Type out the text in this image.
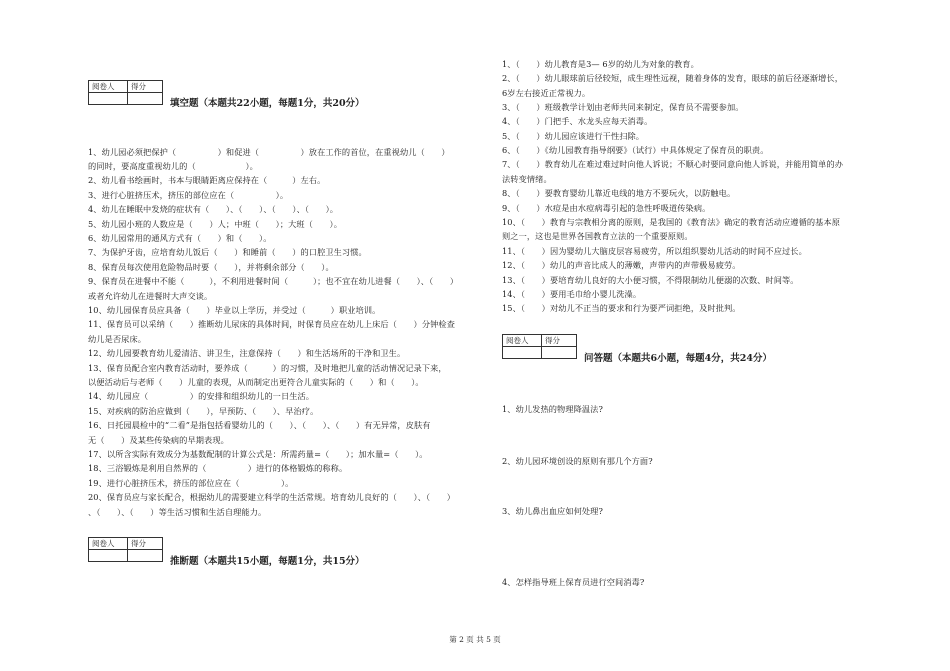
阅卷人	得分

填空题（本题共22小题，每题1分，共20分）
1、幼儿园必须把保护（　　　　　）和促进（　　　　　）放在工作的首位，在重视幼儿（　　）
的同时，要高度重视幼儿的（　　　　　　）。
2、幼儿看书绘画时，书本与眼睛距离应保持在（　　　）左右。
3、进行心脏挤压术，挤压的部位应在（　　　　　）。
4、幼儿在睡眠中发烧的症状有（　　）、（　　）、（　　）、（　　）。
5、幼儿园小班的人数应是（　　）人；中班（　　）；大班（　　）。
6、幼儿园常用的通风方式有（　　）和（　　）。
7、为保护牙齿，应培育幼儿饭后（　　）和睡前（　　）的口腔卫生习惯。
8、保育员每次使用危险物品时要（　　），并将剩余部分（　　）。
9、保育员在进餐中不能（　　　），不利用进餐时间（　　　）；也不宜在幼儿进餐（　　）、（　　）
或者允许幼儿在进餐时大声交谈。
10、幼儿园保育员应具备（　　）毕业以上学历，并受过（　　　）职业培训。
11、保育员可以采纳（　　）推断幼儿尿床的具体时间，时保育员应在幼儿上床后（　　）分钟检查
幼儿是否尿床。
12、幼儿园要教育幼儿爱清洁、讲卫生，注意保持（　　）和生活场所的干净和卫生。
13、保育员配合室内教育活动时，要养成（　　　）的习惯，及时地把儿童的活动情况记录下来，
以便活动后与老师（　　）儿童的表现，从而制定出更符合儿童实际的（　　）和（　　）。
14、幼儿园应（　　　　　）的安排和组织幼儿的一日生活。
15、对疾病的防治应做到（　　），早预防、（　　）、早治疗。
16、日托园晨检中的“二看”是指包括看婴幼儿的（　　）、（　　）、（　　）有无异常，皮肤有
无（　　）及某些传染病的早期表现。
17、以所含实际有效成分为基数配制的计算公式是：所需药量=（　　）；加水量=（　　）。
18、三浴锻炼是利用自然界的（　　　　　）进行的体格锻炼的称称。
19、进行心脏挤压术，挤压的部位应在（　　　　　）。
20、保育员应与家长配合，根据幼儿的需要建立科学的生活常规。培育幼儿良好的（　　）、（　　）
、（　　）、（　　）等生活习惯和生活自理能力。
阅卷人	得分

推断题（本题共15小题，每题1分，共15分）
1、（　　）幼儿教育是3— 6岁的幼儿为对象的教育。
2、（　　）幼儿眼球前后径较短，成生理性远视，随着身体的发育，眼球的前后径逐渐增长，
6岁左右接近正常视力。
3、（　　）班级教学计划由老师共同来制定，保育员不需要参加。
4、（　　）门把手、水龙头应每天消毒。
5、（　　）幼儿园应该进行干性扫除。
6、（　　）《幼儿园教育指导纲要》（试行）中具体规定了保育员的职责。
7、（　　）教育幼儿在难过难过时向他人诉说；不顺心时要同意向他人诉说，并能用简单的办
法转变情绪。
8、（　　）要教育婴幼儿靠近电线的地方不要玩火，以防触电。
9、（　　）水痘是由水痘病毒引起的急性呼吸道传染病。
10、（　　）教育与宗教相分离的原则，是我国的《教育法》确定的教育活动应遵循的基本原
则之一，这也是世界各国教育立法的一个重要原则。
11、（　　）因为婴幼儿大脑皮层容易疲劳，所以组织婴幼儿活动的时间不应过长。
12、（　　）幼儿的声音比成人的薄嫩，声带内的声带极易疲劳。
13、（　　）要培育幼儿良好的大小便习惯，不得限制幼儿便溺的次数、时间等。
14、（　　）要用毛巾给小婴儿洗澡。
15、（　　）对幼儿不正当的要求和行为要严词拒绝，及时批判。
阅卷人	得分

问答题（本题共6小题，每题4分，共24分）
1、幼儿发热的物理降温法?
2、幼儿园环境创设的原则有那几个方面?
3、幼儿鼻出血应如何处理?
4、怎样指导班上保育员进行空间消毒?
第 2 页 共 5 页
